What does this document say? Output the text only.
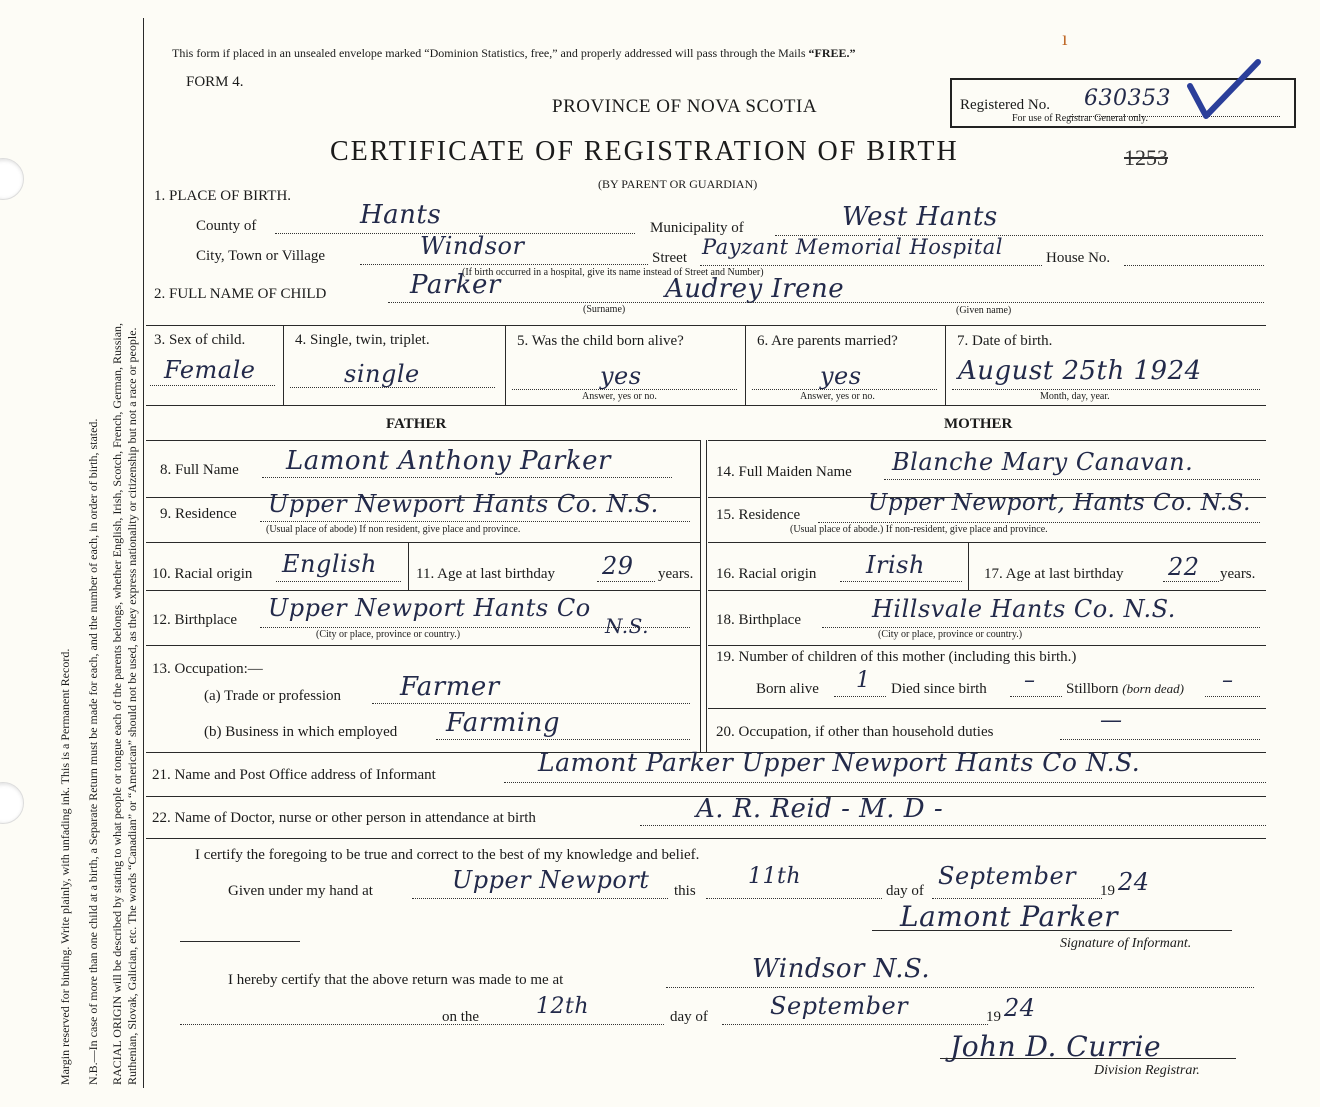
Margin reserved for binding. Write plainly, with unfading ink. This is a Permanent Record. N.B.—In case of more than one child at a birth, a Separate Return must be made for each, and the number of each, in order of birth, stated. RACIAL ORIGIN will be described by stating to what people or tongue each of the parents belongs, whether English, Irish, Scotch, French, German, Russian, Ruthenian, Slovak, Galician, etc. The words “Canadian” or “American” should not be used, as they express nationality or citizenship but not a race or people.
This form if placed in an unsealed envelope marked “Dominion Statistics, free,” and properly addressed will pass through the Mails “FREE.”
FORM 4.
PROVINCE OF NOVA SCOTIA	Registered No. 630353
For use of Registrar General only.
ı
CERTIFICATE OF REGISTRATION OF BIRTH	1253
(BY PARENT OR GUARDIAN)
1. PLACE OF BIRTH.
County of	Hants	Municipality of	West Hants
City, Town or Village	Windsor	Street Payzant Memorial Hospital	House No.
(If birth occurred in a hospital, give its name instead of Street and Number)
2. FULL NAME OF CHILD	Parker	Audrey Irene
(Surname)	(Given name)
3. Sex of child.
Female
4. Single, twin, triplet.
single
5. Was the child born alive?
yes
Answer, yes or no.
6. Are parents married?
yes
Answer, yes or no.
7. Date of birth.
August 25th 1924
Month, day, year.
FATHER	MOTHER
8. Full Name Lamont Anthony Parker
9. Residence Upper Newport Hants Co. N.S.
(Usual place of abode) If non resident, give place and province.
10. Racial origin English	11. Age at last birthday 29 years.
12. Birthplace Upper Newport Hants Co
N.S.
(City or place, province or country.)
13. Occupation:—
(a) Trade or profession Farmer
(b) Business in which employed Farming
14. Full Maiden Name Blanche Mary Canavan.
15. Residence	Upper Newport, Hants Co. N.S.
(Usual place of abode.) If non-resident, give place and province.
16. Racial origin Irish	17. Age at last birthday 22 years.
18. Birthplace	Hillsvale Hants Co. N.S.
(City or place, province or country.)
19. Number of children of this mother (including this birth.)
Born alive 1 Died since birth – Stillborn (born dead) –
20. Occupation, if other than household duties	—
21. Name and Post Office address of Informant	Lamont Parker Upper Newport Hants Co N.S.
22. Name of Doctor, nurse or other person in attendance at birth	A. R. Reid - M. D -
I certify the foregoing to be true and correct to the best of my knowledge and belief.
Given under my hand at	Upper Newport this
11th
day of
September
19 24
Lamont Parker
Signature of Informant.
I hereby certify that the above return was made to me at	Windsor N.S.
on the	12th	day of	September	19 24
John D. Currie
Division Registrar.
